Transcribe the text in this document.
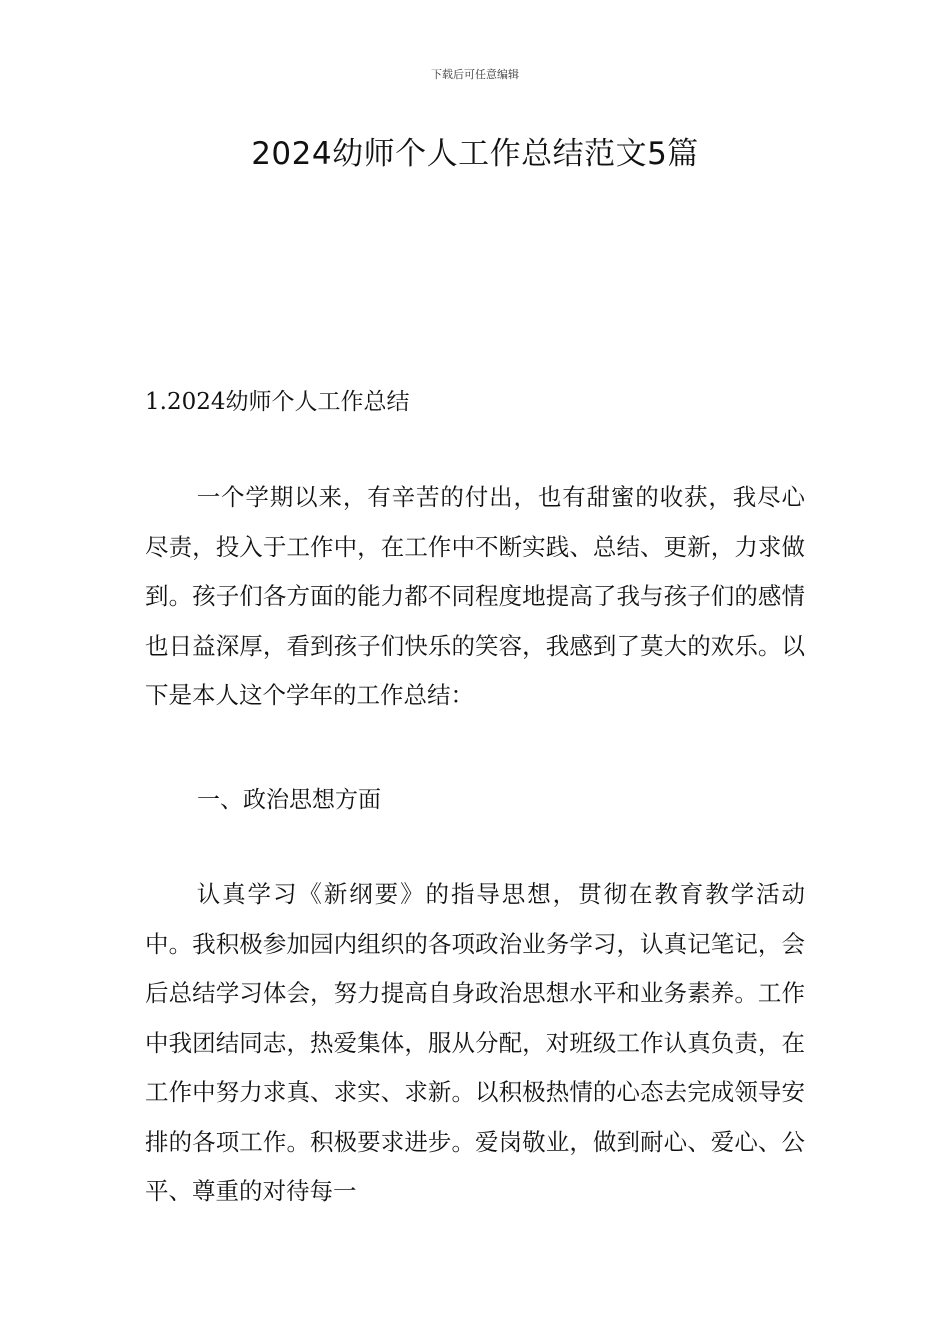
下载后可任意编辑
2024幼师个人工作总结范文5篇
1.2024幼师个人工作总结

一个学期以来，有辛苦的付出，也有甜蜜的收获，我尽心尽责，投入于工作中，在工作中不断实践、总结、更新，力求做到。孩子们各方面的能力都不同程度地提高了我与孩子们的感情也日益深厚，看到孩子们快乐的笑容，我感到了莫大的欢乐。以下是本人这个学年的工作总结：

一、政治思想方面

认真学习《新纲要》的指导思想，贯彻在教育教学活动中。我积极参加园内组织的各项政治业务学习，认真记笔记，会后总结学习体会，努力提高自身政治思想水平和业务素养。工作中我团结同志，热爱集体，服从分配，对班级工作认真负责，在工作中努力求真、求实、求新。以积极热情的心态去完成领导安排的各项工作。积极要求进步。爱岗敬业，做到耐心、爱心、公平、尊重的对待每一
